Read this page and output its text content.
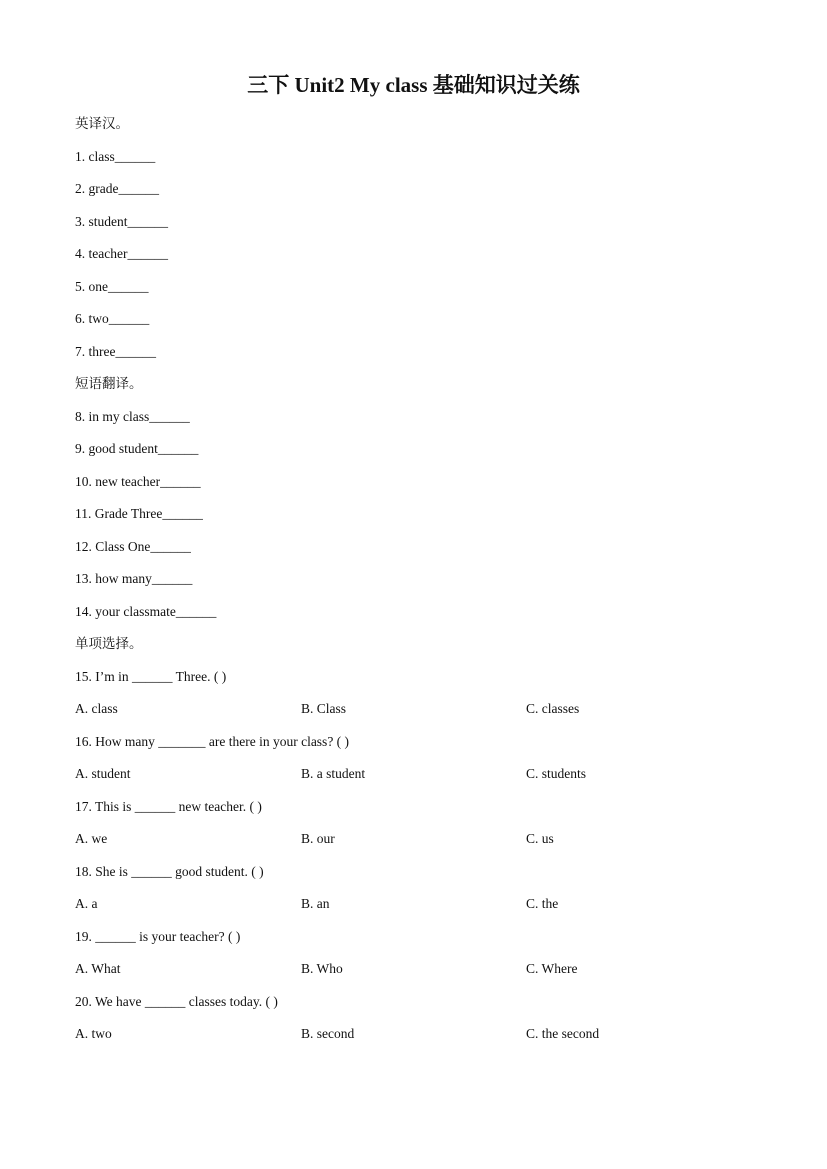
三下 Unit2 My class 基础知识过关练
英译汉。
1. class______
2. grade______
3. student______
4. teacher______
5. one______
6. two______
7. three______
短语翻译。
8. in my class______
9. good student______
10. new teacher______
11. Grade Three______
12. Class One______
13. how many______
14. your classmate______
单项选择。
15. I’m in ______ Three. ( )
A. class	B. Class	C. classes
16. How many _______ are there in your class? ( )
A. student	B. a student	C. students
17. This is ______ new teacher. ( )
A. we	B. our	C. us
18. She is ______ good student. ( )
A. a	B. an	C. the
19. ______ is your teacher? ( )
A. What	B. Who	C. Where
20. We have ______ classes today. ( )
A. two	B. second	C. the second
